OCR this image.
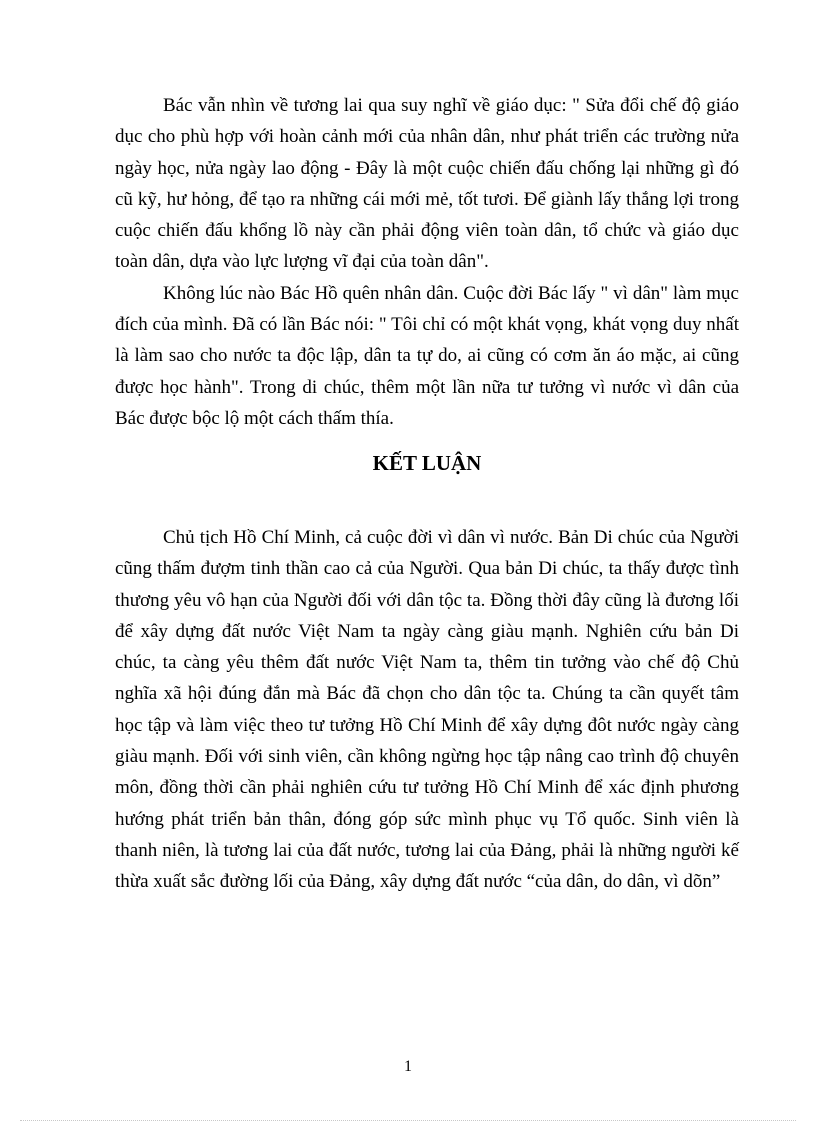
Bác vẫn nhìn về tương lai qua suy nghĩ về giáo dục: " Sửa đổi chế độ giáo dục cho phù hợp với hoàn cảnh mới của nhân dân, như phát triển các trường nửa ngày học, nửa ngày lao động - Đây là một cuộc chiến đấu chống lại những gì đó cũ kỹ, hư hỏng, để tạo ra những cái mới mẻ, tốt tươi. Để giành lấy thắng lợi trong cuộc chiến đấu khổng lồ này cần phải động viên toàn dân, tổ chức và giáo dục toàn dân, dựa vào lực lượng vĩ đại của toàn dân".

Không lúc nào Bác Hồ quên nhân dân. Cuộc đời Bác lấy " vì dân" làm mục đích của mình. Đã có lần Bác nói: " Tôi chỉ có một khát vọng, khát vọng duy nhất là làm sao cho nước ta độc lập, dân ta tự do, ai cũng có cơm ăn áo mặc, ai cũng được học hành". Trong di chúc, thêm một lần nữa tư tưởng vì nước vì dân của Bác được bộc lộ một cách thấm thía.

KẾT LUẬN

Chủ tịch Hồ Chí Minh, cả cuộc đời vì dân vì nước. Bản Di chúc của Người cũng thấm đượm tinh thần cao cả của Người. Qua bản Di chúc, ta thấy được tình thương yêu vô hạn của Người đối với dân tộc ta. Đồng thời đây cũng là đương lối để xây dựng đất nước Việt Nam ta ngày càng giàu mạnh. Nghiên cứu bản Di chúc, ta càng yêu thêm đất nước Việt Nam ta, thêm tin tưởng vào chế độ Chủ nghĩa xã hội đúng đắn mà Bác đã chọn cho dân tộc ta. Chúng ta cần quyết tâm học tập và làm việc theo tư tưởng Hồ Chí Minh để xây dựng đôt nước ngày càng giàu mạnh. Đối với sinh viên, cần không ngừng học tập nâng cao trình độ chuyên môn, đồng thời cần phải nghiên cứu tư tưởng Hồ Chí Minh để xác định phương hướng phát triển bản thân, đóng góp sức mình phục vụ Tổ quốc. Sinh viên là thanh niên, là tương lai của đất nước, tương lai của Đảng, phải là những người kế thừa xuất sắc đường lối của Đảng, xây dựng đất nước “của dân, do dân, vì dõn”

1
